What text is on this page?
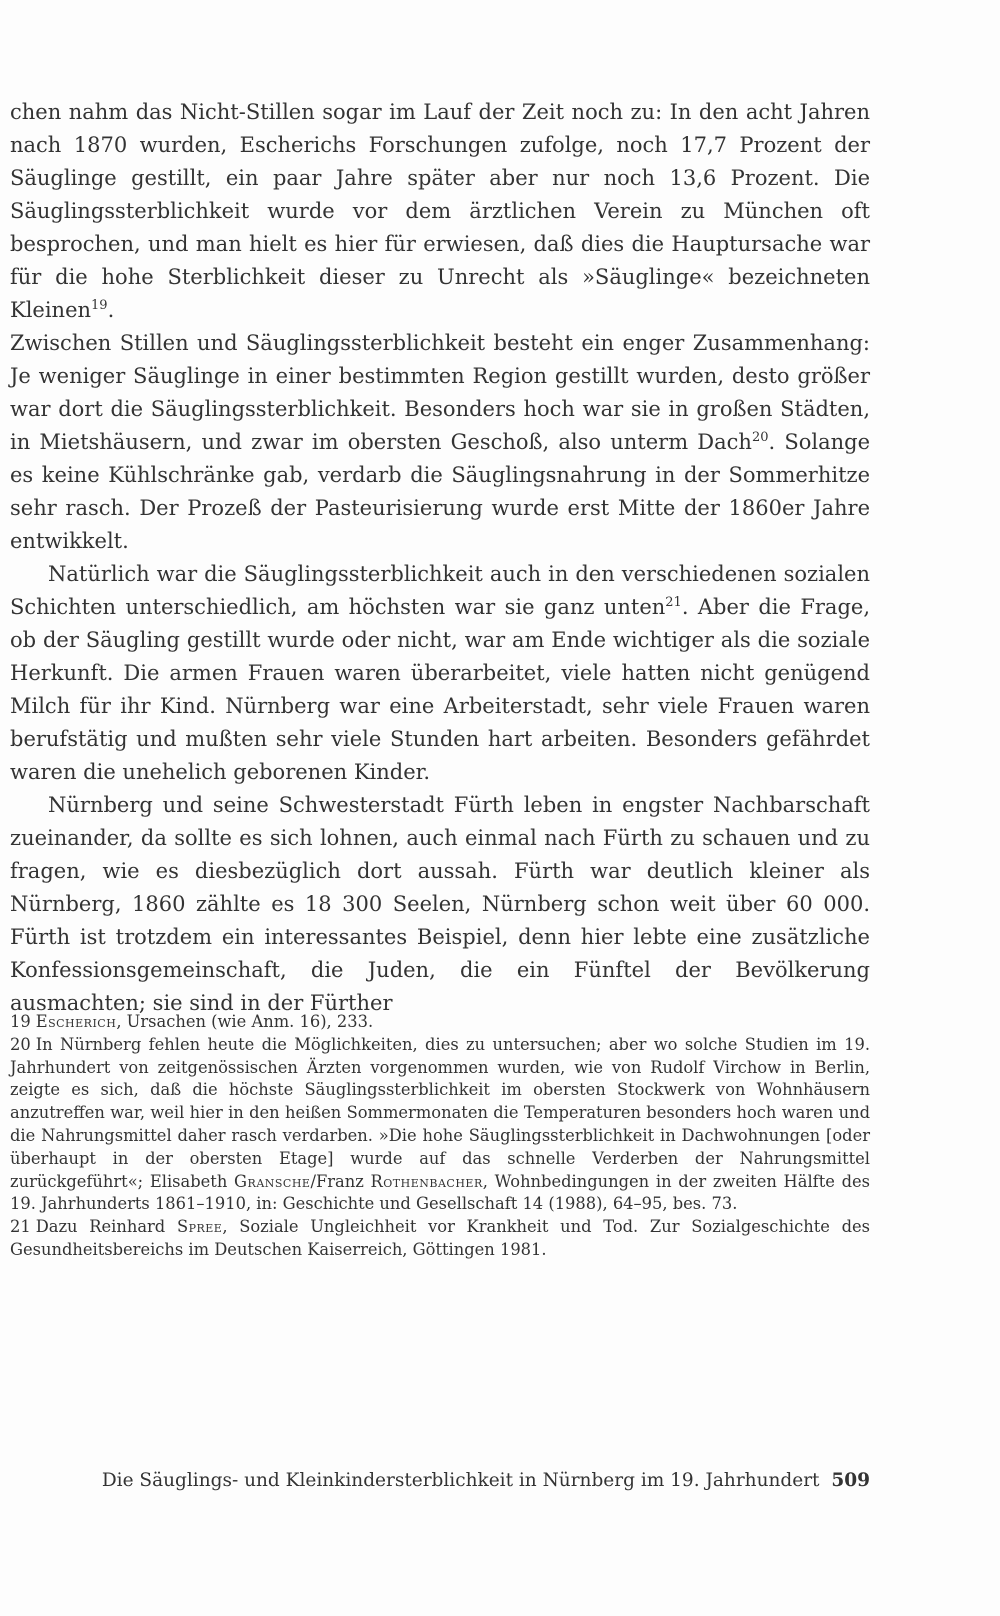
chen nahm das Nicht-Stillen sogar im Lauf der Zeit noch zu: In den acht Jahren nach 1870 wurden, Escherichs Forschungen zufolge, noch 17,7 Prozent der Säuglinge gestillt, ein paar Jahre später aber nur noch 13,6 Prozent. Die Säuglingssterblichkeit wurde vor dem ärztlichen Verein zu München oft besprochen, und man hielt es hier für erwiesen, daß dies die Hauptursache war für die hohe Sterblichkeit dieser zu Unrecht als »Säuglinge« bezeichneten Kleinen$^{19}$.

Zwischen Stillen und Säuglingssterblichkeit besteht ein enger Zusammenhang: Je weniger Säuglinge in einer bestimmten Region gestillt wurden, desto größer war dort die Säuglingssterblichkeit. Besonders hoch war sie in großen Städten, in Mietshäusern, und zwar im obersten Geschoß, also unterm Dach$^{20}$. Solange es keine Kühlschränke gab, verdarb die Säuglingsnahrung in der Sommerhitze sehr rasch. Der Prozeß der Pasteurisierung wurde erst Mitte der 1860er Jahre entwikkelt.

Natürlich war die Säuglingssterblichkeit auch in den verschiedenen sozialen Schichten unterschiedlich, am höchsten war sie ganz unten$^{21}$. Aber die Frage, ob der Säugling gestillt wurde oder nicht, war am Ende wichtiger als die soziale Herkunft. Die armen Frauen waren überarbeitet, viele hatten nicht genügend Milch für ihr Kind. Nürnberg war eine Arbeiterstadt, sehr viele Frauen waren berufstätig und mußten sehr viele Stunden hart arbeiten. Besonders gefährdet waren die unehelich geborenen Kinder.

Nürnberg und seine Schwesterstadt Fürth leben in engster Nachbarschaft zueinander, da sollte es sich lohnen, auch einmal nach Fürth zu schauen und zu fragen, wie es diesbezüglich dort aussah. Fürth war deutlich kleiner als Nürnberg, 1860 zählte es 18 300 Seelen, Nürnberg schon weit über 60 000. Fürth ist trotzdem ein interessantes Beispiel, denn hier lebte eine zusätzliche Konfessionsgemeinschaft, die Juden, die ein Fünftel der Bevölkerung ausmachten; sie sind in der Fürther

19 Escherich, Ursachen (wie Anm. 16), 233.

20 In Nürnberg fehlen heute die Möglichkeiten, dies zu untersuchen; aber wo solche Studien im 19. Jahrhundert von zeitgenössischen Ärzten vorgenommen wurden, wie von Rudolf Virchow in Berlin, zeigte es sich, daß die höchste Säuglingssterblichkeit im obersten Stockwerk von Wohnhäusern anzutreffen war, weil hier in den heißen Sommermonaten die Temperaturen besonders hoch waren und die Nahrungsmittel daher rasch verdarben. »Die hohe Säuglingssterblichkeit in Dachwohnungen [oder überhaupt in der obersten Etage] wurde auf das schnelle Verderben der Nahrungsmittel zurückgeführt«; Elisabeth Gransche/Franz Rothenbacher, Wohnbedingungen in der zweiten Hälfte des 19. Jahrhunderts 1861–1910, in: Geschichte und Gesellschaft 14 (1988), 64–95, bes. 73.

21 Dazu Reinhard Spree, Soziale Ungleichheit vor Krankheit und Tod. Zur Sozialgeschichte des Gesundheitsbereichs im Deutschen Kaiserreich, Göttingen 1981.

Die Säuglings- und Kleinkindersterblichkeit in Nürnberg im 19. Jahrhundert 509
